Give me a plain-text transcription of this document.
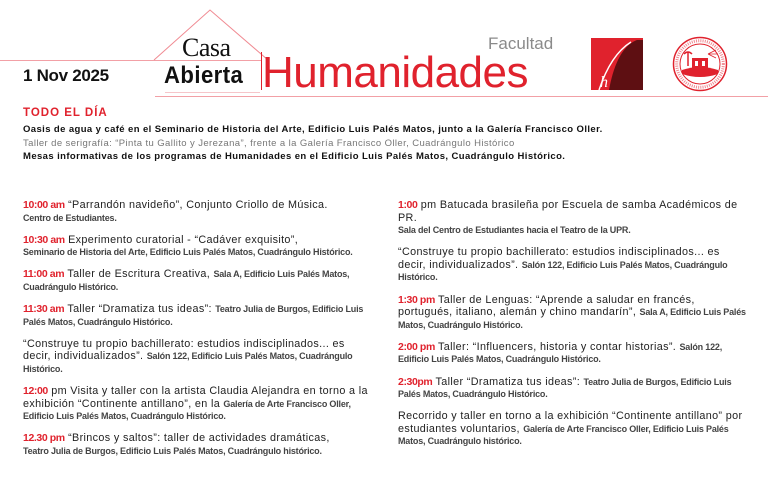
1 Nov 2025
Casa
Abierta Humanidades
Facultad
h
TODO EL DÍA
Oasis de agua y café en el Seminario de Historia del Arte, Edificio Luis Palés Matos, junto a la Galería Francisco Oller.
Taller de serigrafía: “Pinta tu Gallito y Jerezana”, frente a la Galería Francisco Oller, Cuadrángulo Histórico
Mesas informativas de los programas de Humanidades en el Edificio Luis Palés Matos, Cuadrángulo Histórico.
10:00 am “Parrandón navideño”, Conjunto Criollo de Música.
Centro de Estudiantes.
10:30 am Experimento curatorial - “Cadáver exquisito”,
Seminario de Historia del Arte, Edificio Luis Palés Matos, Cuadrángulo Histórico.
11:00 am Taller de Escritura Creativa, Sala A, Edificio Luis Palés Matos, Cuadrángulo Histórico.
11:30 am Taller “Dramatiza tus ideas”: Teatro Julia de Burgos, Edificio Luis Palés Matos, Cuadrángulo Histórico.
“Construye tu propio bachillerato: estudios indisciplinados... es decir, individualizados”. Salón 122, Edificio Luis Palés Matos, Cuadrángulo Histórico.
12:00 pm Visita y taller con la artista Claudia Alejandra en torno a la exhibición “Continente antillano”, en la Galería de Arte Francisco Oller, Edificio Luis Palés Matos, Cuadrángulo Histórico.
12.30 pm “Brincos y saltos”: taller de actividades dramáticas,
Teatro Julia de Burgos, Edificio Luis Palés Matos, Cuadrángulo histórico.
1:00 pm Batucada brasileña por Escuela de samba Académicos de PR.
Sala del Centro de Estudiantes hacia el Teatro de la UPR.
“Construye tu propio bachillerato: estudios indisciplinados... es decir, individualizados”. Salón 122, Edificio Luis Palés Matos, Cuadrángulo Histórico.
1:30 pm Taller de Lenguas: “Aprende a saludar en francés, portugués, italiano, alemán y chino mandarín”, Sala A, Edificio Luis Palés Matos, Cuadrángulo Histórico.
2:00 pm Taller: “Influencers, historia y contar historias”. Salón 122, Edificio Luis Palés Matos, Cuadrángulo Histórico.
2:30pm Taller “Dramatiza tus ideas”: Teatro Julia de Burgos, Edificio Luis Palés Matos, Cuadrángulo Histórico.
Recorrido y taller en torno a la exhibición “Continente antillano” por estudiantes voluntarios, Galería de Arte Francisco Oller, Edificio Luis Palés Matos, Cuadrángulo histórico.
